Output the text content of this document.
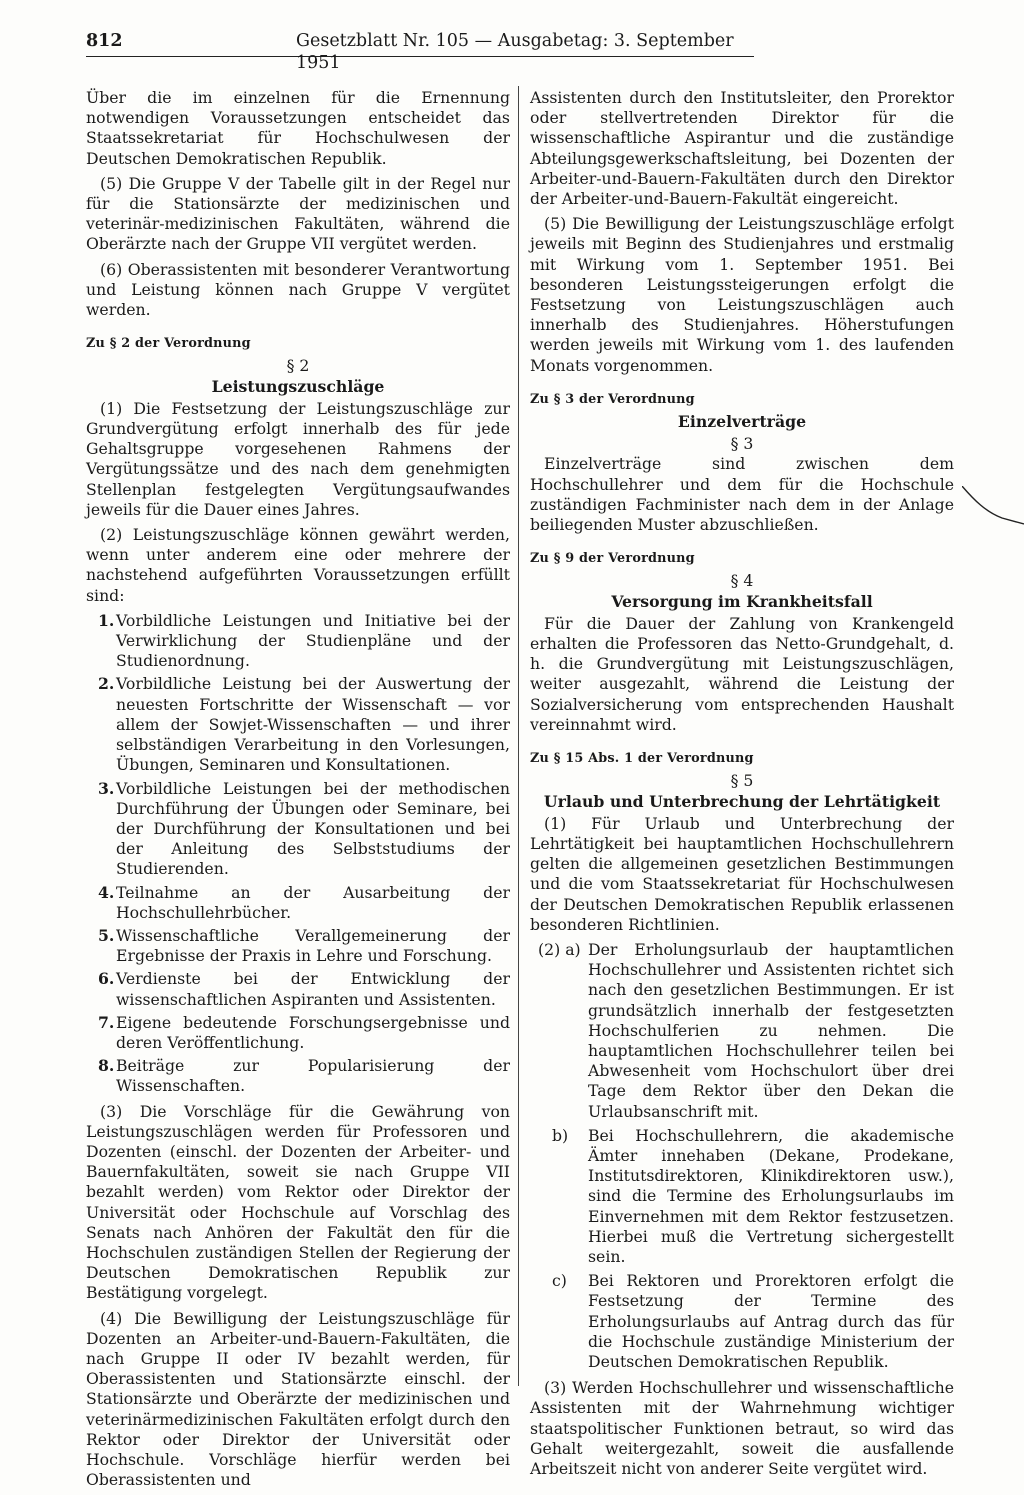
812	Gesetzblatt Nr. 105 — Ausgabetag: 3. September 1951

Über die im einzelnen für die Ernennung notwendigen Voraussetzungen entscheidet das Staatssekretariat für Hochschulwesen der Deutschen Demokratischen Republik.

(5) Die Gruppe V der Tabelle gilt in der Regel nur für die Stationsärzte der medizinischen und veterinär-medizinischen Fakultäten, während die Oberärzte nach der Gruppe VII vergütet werden.

(6) Oberassistenten mit besonderer Verantwortung und Leistung können nach Gruppe V vergütet werden.

Zu § 2 der Verordnung
§ 2
Leistungszuschläge

(1) Die Festsetzung der Leistungszuschläge zur Grundvergütung erfolgt innerhalb des für jede Gehaltsgruppe vorgesehenen Rahmens der Vergütungssätze und des nach dem genehmigten Stellenplan festgelegten Vergütungsaufwandes jeweils für die Dauer eines Jahres.

(2) Leistungszuschläge können gewährt werden, wenn unter anderem eine oder mehrere der nachstehend aufgeführten Voraussetzungen erfüllt sind:

1. Vorbildliche Leistungen und Initiative bei der Verwirklichung der Studienpläne und der Studienordnung.
2. Vorbildliche Leistung bei der Auswertung der neuesten Fortschritte der Wissenschaft — vor allem der Sowjet-Wissenschaften — und ihrer selbständigen Verarbeitung in den Vorlesungen, Übungen, Seminaren und Konsultationen.
3. Vorbildliche Leistungen bei der methodischen Durchführung der Übungen oder Seminare, bei der Durchführung der Konsultationen und bei der Anleitung des Selbststudiums der Studierenden.
4. Teilnahme an der Ausarbeitung der Hochschullehrbücher.
5. Wissenschaftliche Verallgemeinerung der Ergebnisse der Praxis in Lehre und Forschung.
6. Verdienste bei der Entwicklung der wissenschaftlichen Aspiranten und Assistenten.
7. Eigene bedeutende Forschungsergebnisse und deren Veröffentlichung.
8. Beiträge zur Popularisierung der Wissenschaften.

(3) Die Vorschläge für die Gewährung von Leistungszuschlägen werden für Professoren und Dozenten (einschl. der Dozenten der Arbeiter- und Bauernfakultäten, soweit sie nach Gruppe VII bezahlt werden) vom Rektor oder Direktor der Universität oder Hochschule auf Vorschlag des Senats nach Anhören der Fakultät den für die Hochschulen zuständigen Stellen der Regierung der Deutschen Demokratischen Republik zur Bestätigung vorgelegt.

(4) Die Bewilligung der Leistungszuschläge für Dozenten an Arbeiter-und-Bauern-Fakultäten, die nach Gruppe II oder IV bezahlt werden, für Oberassistenten und Stationsärzte einschl. der Stationsärzte und Oberärzte der medizinischen und veterinärmedizinischen Fakultäten erfolgt durch den Rektor oder Direktor der Universität oder Hochschule. Vorschläge hierfür werden bei Oberassistenten und

Assistenten durch den Institutsleiter, den Prorektor oder stellvertretenden Direktor für die wissenschaftliche Aspirantur und die zuständige Abteilungsgewerkschaftsleitung, bei Dozenten der Arbeiter-und-Bauern-Fakultäten durch den Direktor der Arbeiter-und-Bauern-Fakultät eingereicht.

(5) Die Bewilligung der Leistungszuschläge erfolgt jeweils mit Beginn des Studienjahres und erstmalig mit Wirkung vom 1. September 1951. Bei besonderen Leistungssteigerungen erfolgt die Festsetzung von Leistungszuschlägen auch innerhalb des Studienjahres. Höherstufungen werden jeweils mit Wirkung vom 1. des laufenden Monats vorgenommen.

Zu § 3 der Verordnung
Einzelverträge
§ 3

Einzelverträge sind zwischen dem Hochschullehrer und dem für die Hochschule zuständigen Fachminister nach dem in der Anlage beiliegenden Muster abzuschließen.

Zu § 9 der Verordnung
§ 4
Versorgung im Krankheitsfall

Für die Dauer der Zahlung von Krankengeld erhalten die Professoren das Netto-Grundgehalt, d. h. die Grundvergütung mit Leistungszuschlägen, weiter ausgezahlt, während die Leistung der Sozialversicherung vom entsprechenden Haushalt vereinnahmt wird.

Zu § 15 Abs. 1 der Verordnung
§ 5
Urlaub und Unterbrechung der Lehrtätigkeit

(1) Für Urlaub und Unterbrechung der Lehrtätigkeit bei hauptamtlichen Hochschullehrern gelten die allgemeinen gesetzlichen Bestimmungen und die vom Staatssekretariat für Hochschulwesen der Deutschen Demokratischen Republik erlassenen besonderen Richtlinien.

(2) a) Der Erholungsurlaub der hauptamtlichen Hochschullehrer und Assistenten richtet sich nach den gesetzlichen Bestimmungen. Er ist grundsätzlich innerhalb der festgesetzten Hochschulferien zu nehmen. Die hauptamtlichen Hochschullehrer teilen bei Abwesenheit vom Hochschulort über drei Tage dem Rektor über den Dekan die Urlaubsanschrift mit.
b) Bei Hochschullehrern, die akademische Ämter innehaben (Dekane, Prodekane, Institutsdirektoren, Klinikdirektoren usw.), sind die Termine des Erholungsurlaubs im Einvernehmen mit dem Rektor festzusetzen. Hierbei muß die Vertretung sichergestellt sein.
c) Bei Rektoren und Prorektoren erfolgt die Festsetzung der Termine des Erholungsurlaubs auf Antrag durch das für die Hochschule zuständige Ministerium der Deutschen Demokratischen Republik.

(3) Werden Hochschullehrer und wissenschaftliche Assistenten mit der Wahrnehmung wichtiger staatspolitischer Funktionen betraut, so wird das Gehalt weitergezahlt, soweit die ausfallende Arbeitszeit nicht von anderer Seite vergütet wird.
